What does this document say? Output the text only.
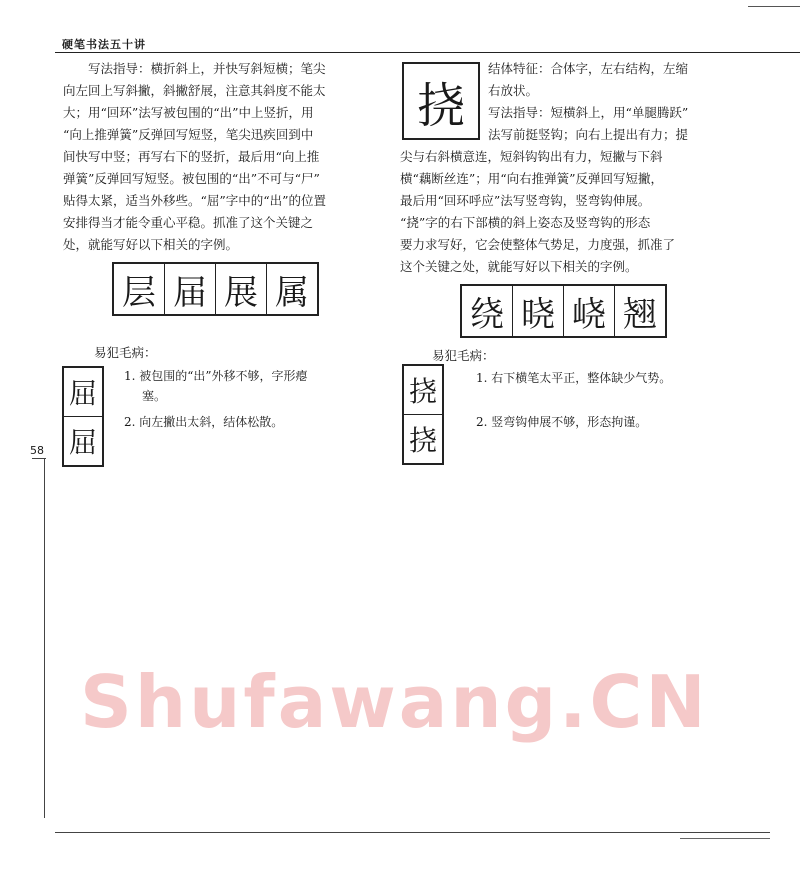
硬笔书法五十讲

写法指导：横折斜上，并快写斜短横；笔尖

向左回上写斜撇，斜撇舒展，注意其斜度不能太

大；用“回环”法写被包围的“出”中上竖折，用

“向上推弹簧”反弹回写短竖，笔尖迅疾回到中

间快写中竖；再写右下的竖折，最后用“向上推

弹簧”反弹回写短竖。被包围的“出”不可与“尸”

贴得太紧，适当外移些。“屈”字中的“出”的位置

安排得当才能令重心平稳。抓准了这个关键之

处，就能写好以下相关的字例。

层 届 展 属
易犯毛病：
屈
屈
1. 被包围的“出”外移不够，字形瘪
塞。
2. 向左撇出太斜，结体松散。
挠

结体特征：合体字，左右结构，左缩

右放状。

写法指导：短横斜上，用“单腿腾跃”

法写前挺竖钩；向右上提出有力；提

尖与右斜横意连，短斜钩钩出有力，短撇与下斜

横“藕断丝连”；用“向右推弹簧”反弹回写短撇，

最后用“回环呼应”法写竖弯钩，竖弯钩伸展。

“挠”字的右下部横的斜上姿态及竖弯钩的形态

要力求写好，它会使整体气势足，力度强，抓准了

这个关键之处，就能写好以下相关的字例。

绕 晓 峣 翘
易犯毛病：
挠
挠
1. 右下横笔太平正，整体缺少气势。
2. 竖弯钩伸展不够，形态拘谨。
58
Shufawang.CN
